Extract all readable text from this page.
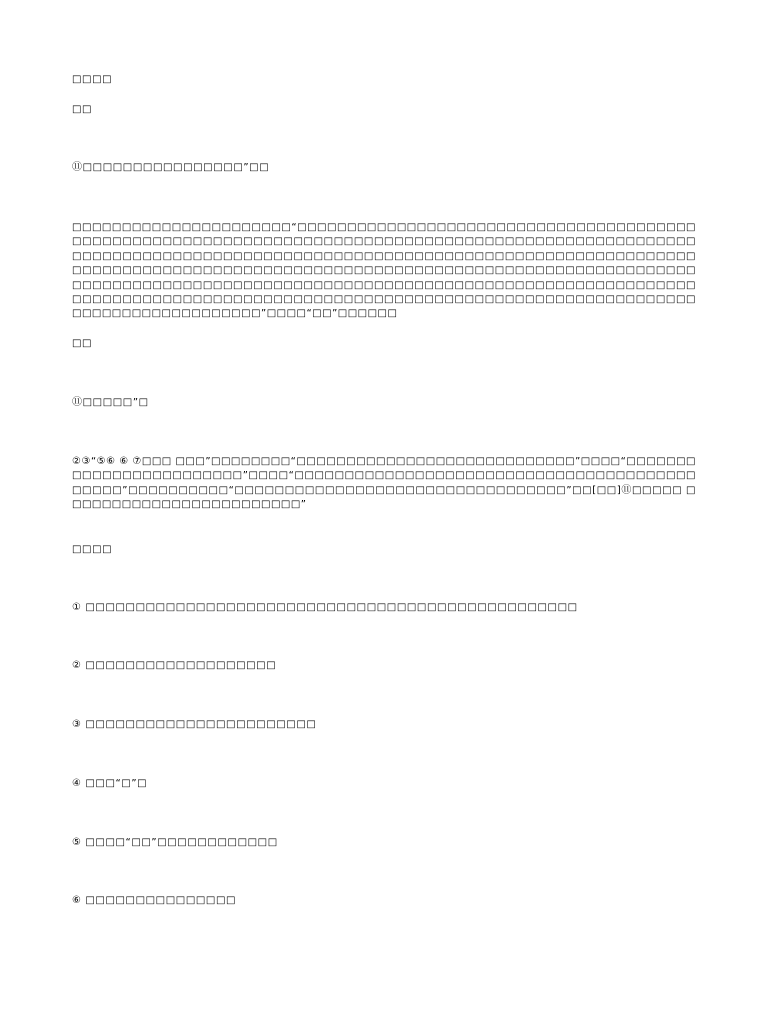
□□□□
□□
⑪□□□□□□□□□□□□□□□□”□□
□□□□□□□□□□□□□□□□□□□□□□“□□□□□□□□□□□□□□□□□□□□□□□□□□□□□□□□□□□□□□□□□□□□□□□□□□□□□□□□□□□□□□□□□□□□□□□□□□□□□□□□□□□□□□□□□□□□□□□□□□□□□□□□□□□□□□□□□□□□□□□□□□□□□□□□□□□□□□□□□□□□□□□□□□□□□□□□□□□□□□□□□□□□□□□□□□□□□□□□□□□□□□□□□□□□□□□□□□□□□□□□□□□□□□□□□□□□□□□□□□□□□□□□□□□□□□□□□□□□□□□□□□□□□□□□□□□□□□□□□□□□□□□□□□□□□□□□□□□□□□□□□□□□□□□□□□□□□□□□□□□□□□□□□□□□□□□□□□□□□□□□□□□□□□□□□□□□□□□□□□□□□□□□□□□□□□□□□□□□□□□□□□□□□□□□□”□□□□“□□”□□□□□□
□□
⑪□□□□□”□
②③“⑤⑥ ⑥ ⑦□□□ □□□”□□□□□□□□“□□□□□□□□□□□□□□□□□□□□□□□□□□□□”□□□□“□□□□□□□□□□□□□□□□□□□□□□□□”□□□□“□□□□□□□□□□□□□□□□□□□□□□□□□□□□□□□□□□□□□□□□□□□□□”□□□□□□□□□□“□□□□□□□□□□□□□□□□□□□□□□□□□□□□□□□□□”□□[□□]⑪□□□□□ □□□□□□□□□□□□□□□□□□□□□□□□”
□□□□
① □□□□□□□□□□□□□□□□□□□□□□□□□□□□□□□□□□□□□□□□□□□□□□□□□
② □□□□□□□□□□□□□□□□□□□
③ □□□□□□□□□□□□□□□□□□□□□□□
④ □□□“□”□
⑤ □□□□“□□”□□□□□□□□□□□□
⑥ □□□□□□□□□□□□□□□
